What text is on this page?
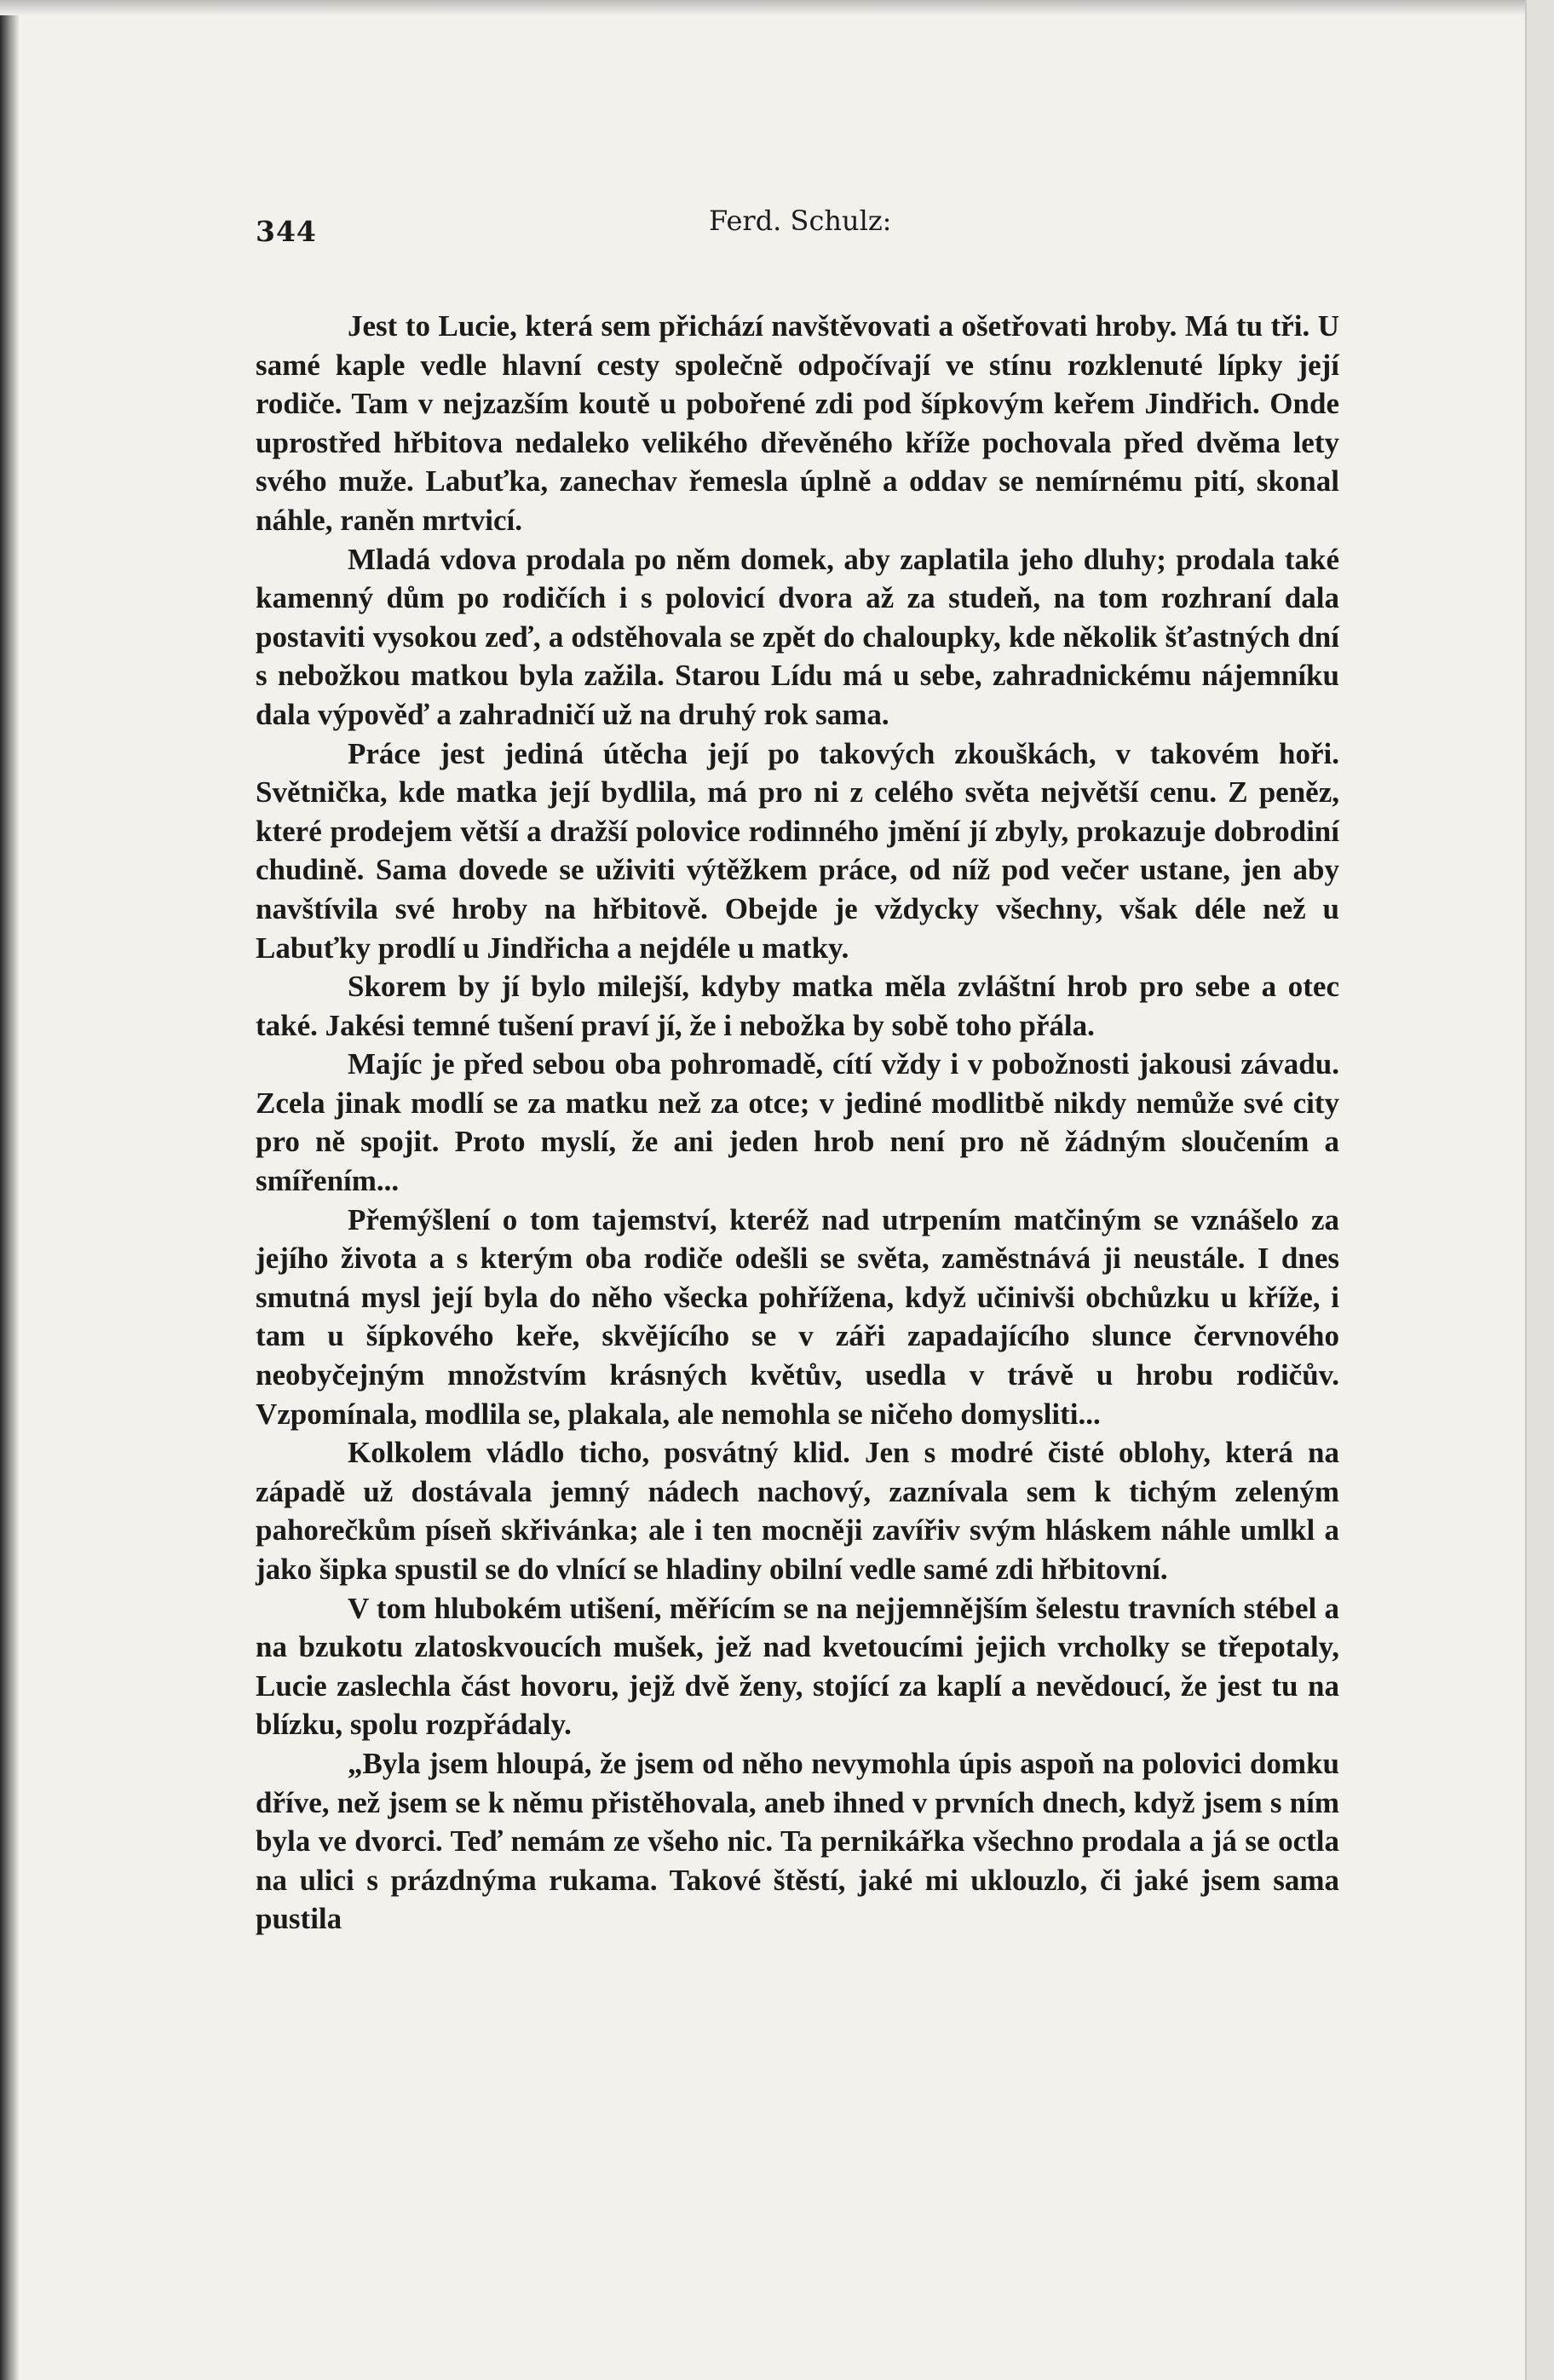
344	Ferd. Schulz:

Jest to Lucie, která sem přichází navštěvovati a ošetřovati hroby. Má tu tři. U samé kaple vedle hlavní cesty společně odpočívají ve stínu rozklenuté lípky její rodiče. Tam v nejzazším koutě u pobořené zdi pod šípkovým keřem Jindřich. Onde uprostřed hřbitova nedaleko velikého dřevěného kříže pochovala před dvěma lety svého muže. Labuťka, zanechav řemesla úplně a oddav se nemírnému pití, skonal náhle, raněn mrtvicí.

Mladá vdova prodala po něm domek, aby zaplatila jeho dluhy; prodala také kamenný dům po rodičích i s polovicí dvora až za studeň, na tom rozhraní dala postaviti vysokou zeď, a odstěhovala se zpět do chaloupky, kde několik šťastných dní s nebožkou matkou byla zažila. Starou Lídu má u sebe, zahradnickému nájemníku dala výpověď a zahradničí už na druhý rok sama.

Práce jest jediná útěcha její po takových zkouškách, v takovém hoři. Světnička, kde matka její bydlila, má pro ni z celého světa největší cenu. Z peněz, které prodejem větší a dražší polovice rodinného jmění jí zbyly, prokazuje dobrodiní chudině. Sama dovede se uživiti výtěžkem práce, od níž pod večer ustane, jen aby navštívila své hroby na hřbitově. Obejde je vždycky všechny, však déle než u Labuťky prodlí u Jindřicha a nejdéle u matky.

Skorem by jí bylo milejší, kdyby matka měla zvláštní hrob pro sebe a otec také. Jakési temné tušení praví jí, že i nebožka by sobě toho přála.

Majíc je před sebou oba pohromadě, cítí vždy i v pobožnosti jakousi závadu. Zcela jinak modlí se za matku než za otce; v jediné modlitbě nikdy nemůže své city pro ně spojit. Proto myslí, že ani jeden hrob není pro ně žádným sloučením a smířením...

Přemýšlení o tom tajemství, kteréž nad utrpením matčiným se vznášelo za jejího života a s kterým oba rodiče odešli se světa, zaměstnává ji neustále. I dnes smutná mysl její byla do něho všecka pohřížena, když učinivši obchůzku u kříže, i tam u šípkového keře, skvějícího se v záři zapadajícího slunce červnového neobyčejným množstvím krásných květův, usedla v trávě u hrobu rodičův. Vzpomínala, modlila se, plakala, ale nemohla se ničeho domysliti...

Kolkolem vládlo ticho, posvátný klid. Jen s modré čisté oblohy, která na západě už dostávala jemný nádech nachový, zaznívala sem k tichým zeleným pahorečkům píseň skřivánka; ale i ten mocněji zavířiv svým hláskem náhle umlkl a jako šipka spustil se do vlnící se hladiny obilní vedle samé zdi hřbitovní.

V tom hlubokém utišení, měřícím se na nejjemnějším šelestu travních stébel a na bzukotu zlatoskvoucích mušek, jež nad kvetoucími jejich vrcholky se třepotaly, Lucie zaslechla část hovoru, jejž dvě ženy, stojící za kaplí a nevědoucí, že jest tu na blízku, spolu rozpřádaly.

„Byla jsem hloupá, že jsem od něho nevymohla úpis aspoň na polovici domku dříve, než jsem se k němu přistěhovala, aneb ihned v prvních dnech, když jsem s ním byla ve dvorci. Teď nemám ze všeho nic. Ta pernikářka všechno prodala a já se octla na ulici s prázdnýma rukama. Takové štěstí, jaké mi uklouzlo, či jaké jsem sama pustila
